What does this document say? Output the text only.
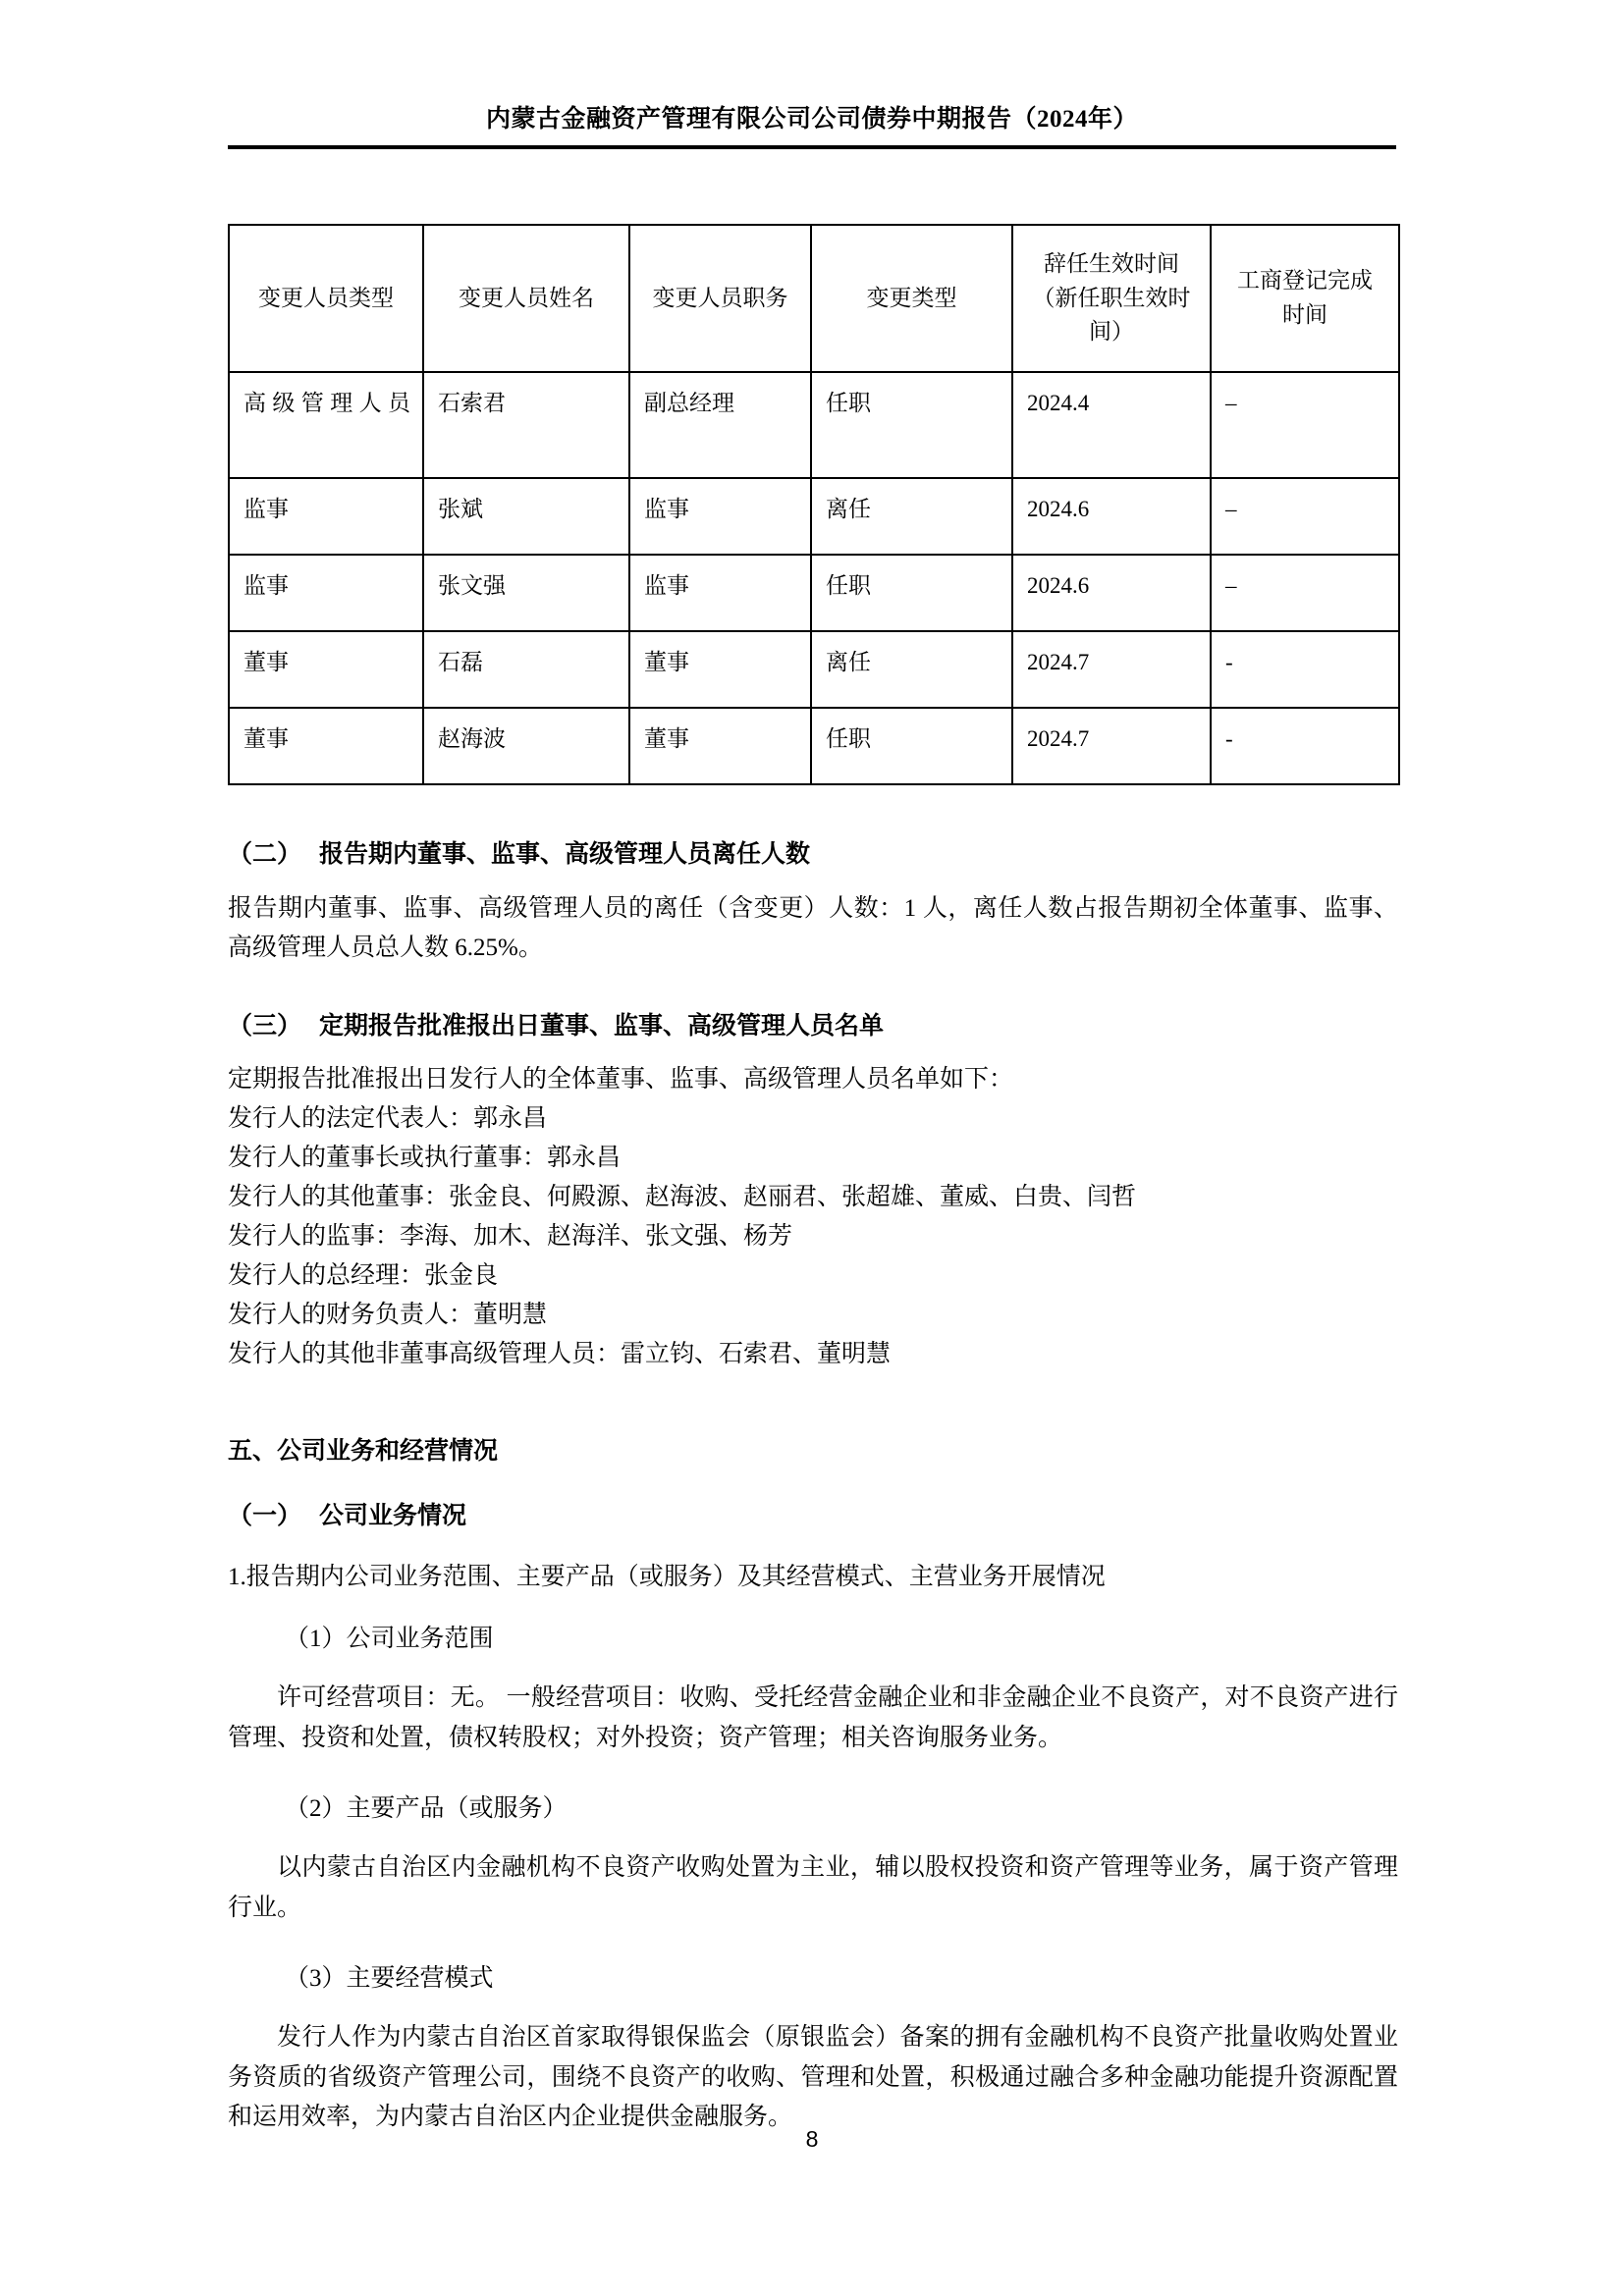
内蒙古金融资产管理有限公司公司债券中期报告（2024年）
变更人员类型	变更人员姓名	变更人员职务	变更类型	辞任生效时间（新任职生效时间）	工商登记完成时间
高级管理人员	石索君	副总经理	任职	2024.4	–
监事	张斌	监事	离任	2024.6	–
监事	张文强	监事	任职	2024.6	–
董事	石磊	董事	离任	2024.7	-
董事	赵海波	董事	任职	2024.7	-
（二） 报告期内董事、监事、高级管理人员离任人数

报告期内董事、监事、高级管理人员的离任（含变更）人数：1 人，离任人数占报告期初全体董事、监事、高级管理人员总人数 6.25%。

（三） 定期报告批准报出日董事、监事、高级管理人员名单

定期报告批准报出日发行人的全体董事、监事、高级管理人员名单如下：

发行人的法定代表人：郭永昌

发行人的董事长或执行董事：郭永昌

发行人的其他董事：张金良、何殿源、赵海波、赵丽君、张超雄、董威、白贵、闫哲

发行人的监事：李海、加木、赵海洋、张文强、杨芳

发行人的总经理：张金良

发行人的财务负责人：董明慧

发行人的其他非董事高级管理人员：雷立钧、石索君、董明慧

五、公司业务和经营情况
（一） 公司业务情况

1.报告期内公司业务范围、主要产品（或服务）及其经营模式、主营业务开展情况

（1）公司业务范围

许可经营项目：无。 一般经营项目：收购、受托经营金融企业和非金融企业不良资产，对不良资产进行管理、投资和处置，债权转股权；对外投资；资产管理；相关咨询服务业务。

（2）主要产品（或服务）

以内蒙古自治区内金融机构不良资产收购处置为主业，辅以股权投资和资产管理等业务，属于资产管理行业。

（3）主要经营模式

发行人作为内蒙古自治区首家取得银保监会（原银监会）备案的拥有金融机构不良资产批量收购处置业务资质的省级资产管理公司，围绕不良资产的收购、管理和处置，积极通过融合多种金融功能提升资源配置和运用效率，为内蒙古自治区内企业提供金融服务。

8
